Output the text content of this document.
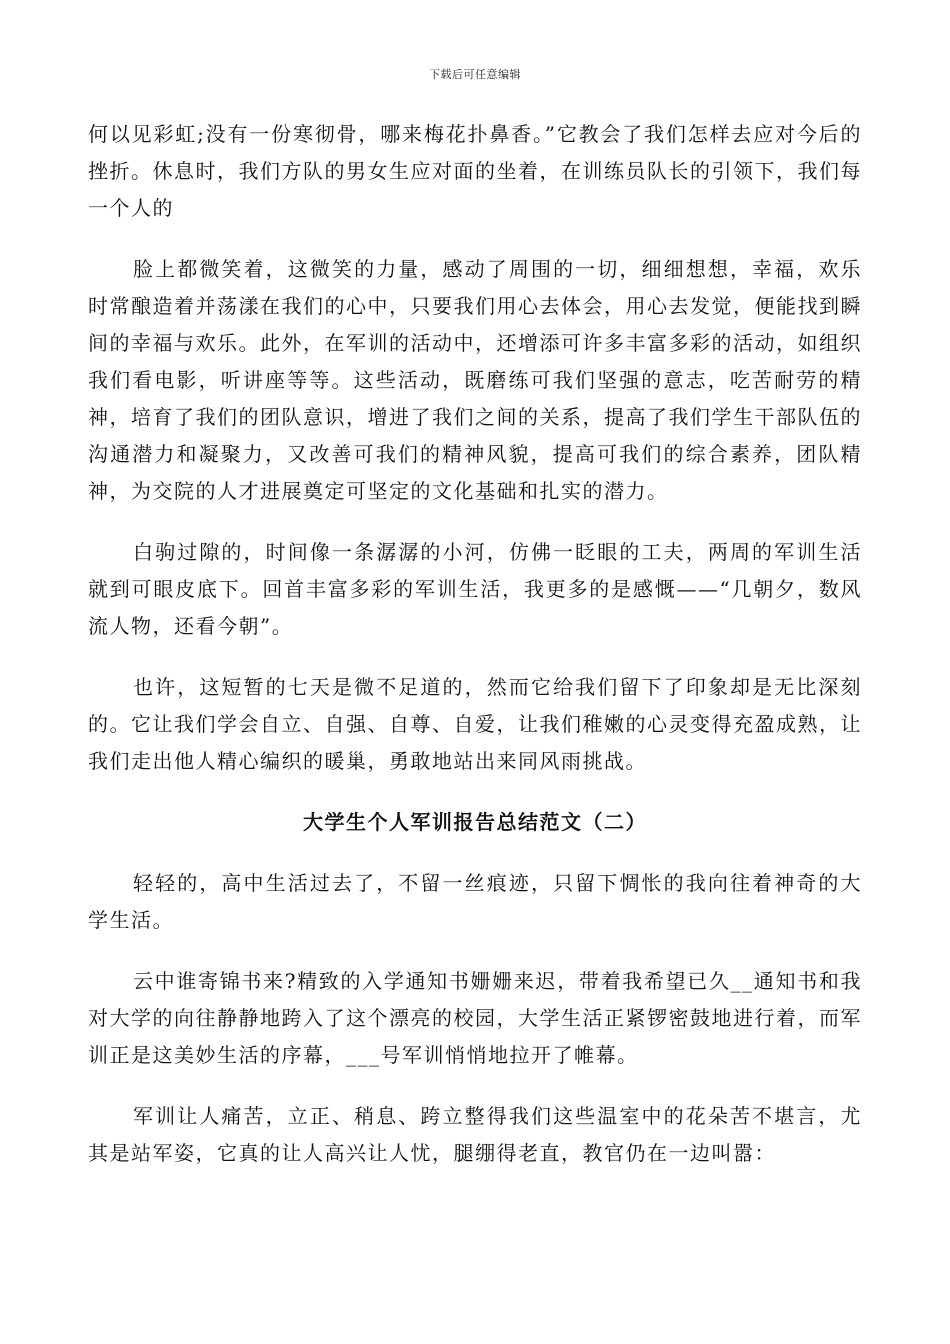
下载后可任意编辑

何以见彩虹;没有一份寒彻骨，哪来梅花扑鼻香。”它教会了我们怎样去应对今后的挫折。休息时，我们方队的男女生应对面的坐着，在训练员队长的引领下，我们每一个人的

脸上都微笑着，这微笑的力量，感动了周围的一切，细细想想，幸福，欢乐时常酿造着并荡漾在我们的心中，只要我们用心去体会，用心去发觉，便能找到瞬间的幸福与欢乐。此外，在军训的活动中，还增添可许多丰富多彩的活动，如组织我们看电影，听讲座等等。这些活动，既磨练可我们坚强的意志，吃苦耐劳的精神，培育了我们的团队意识，增进了我们之间的关系，提高了我们学生干部队伍的沟通潜力和凝聚力，又改善可我们的精神风貌，提高可我们的综合素养，团队精神，为交院的人才进展奠定可坚定的文化基础和扎实的潜力。

白驹过隙的，时间像一条潺潺的小河，仿佛一眨眼的工夫，两周的军训生活就到可眼皮底下。回首丰富多彩的军训生活，我更多的是感慨——“几朝夕，数风流人物，还看今朝”。

也许，这短暂的七天是微不足道的，然而它给我们留下了印象却是无比深刻的。它让我们学会自立、自强、自尊、自爱，让我们稚嫩的心灵变得充盈成熟，让我们走出他人精心编织的暖巢，勇敢地站出来同风雨挑战。

大学生个人军训报告总结范文（二）

轻轻的，高中生活过去了，不留一丝痕迹，只留下惆怅的我向往着神奇的大学生活。

云中谁寄锦书来?精致的入学通知书姗姗来迟，带着我希望已久__通知书和我对大学的向往静静地跨入了这个漂亮的校园，大学生活正紧锣密鼓地进行着，而军训正是这美妙生活的序幕，___号军训悄悄地拉开了帷幕。

军训让人痛苦，立正、稍息、跨立整得我们这些温室中的花朵苦不堪言，尤其是站军姿，它真的让人高兴让人忧，腿绷得老直，教官仍在一边叫嚣：
